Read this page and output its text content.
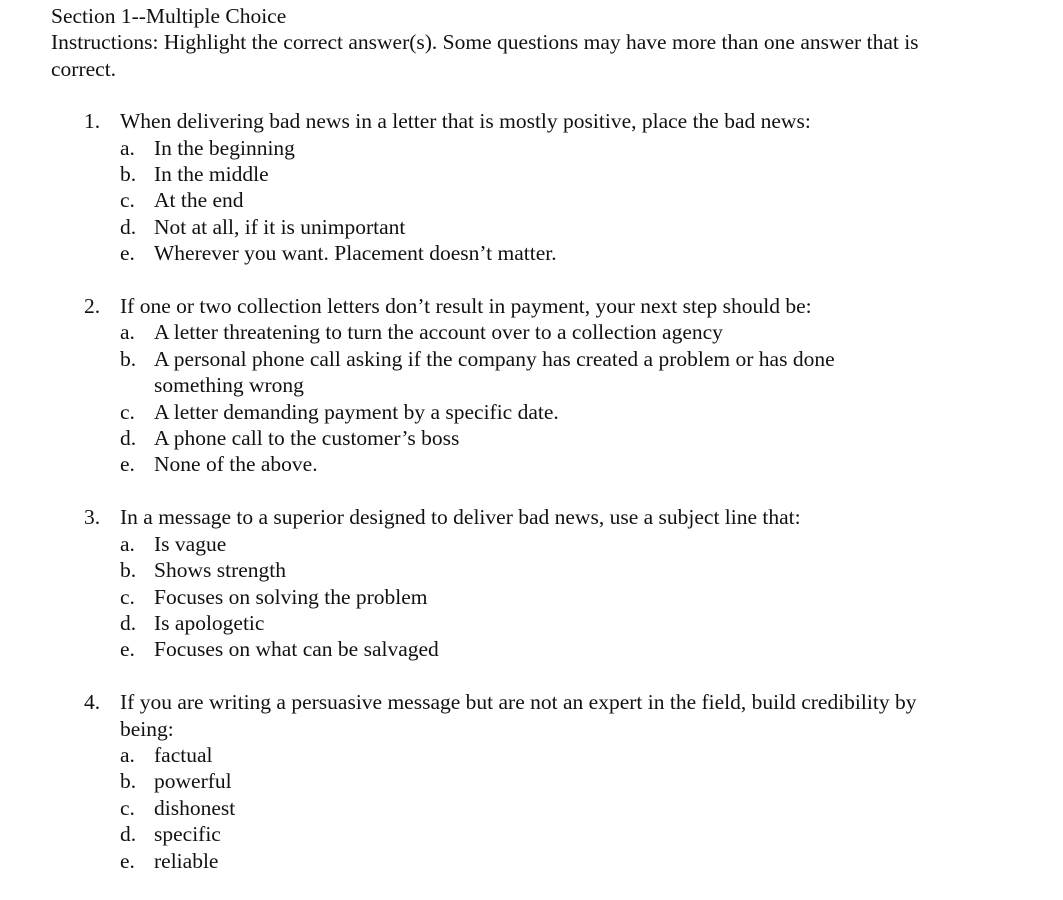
Section 1--Multiple Choice

Instructions: Highlight the correct answer(s). Some questions may have more than one answer that is correct.

1. When delivering bad news in a letter that is mostly positive, place the bad news:
a. In the beginning
b. In the middle
c. At the end
d. Not at all, if it is unimportant
e. Wherever you want. Placement doesn’t matter.
2. If one or two collection letters don’t result in payment, your next step should be:
a. A letter threatening to turn the account over to a collection agency
b. A personal phone call asking if the company has created a problem or has done something wrong
c. A letter demanding payment by a specific date.
d. A phone call to the customer’s boss
e. None of the above.
3. In a message to a superior designed to deliver bad news, use a subject line that:
a. Is vague
b. Shows strength
c. Focuses on solving the problem
d. Is apologetic
e. Focuses on what can be salvaged
4. If you are writing a persuasive message but are not an expert in the field, build credibility by being:
a. factual
b. powerful
c. dishonest
d. specific
e. reliable
